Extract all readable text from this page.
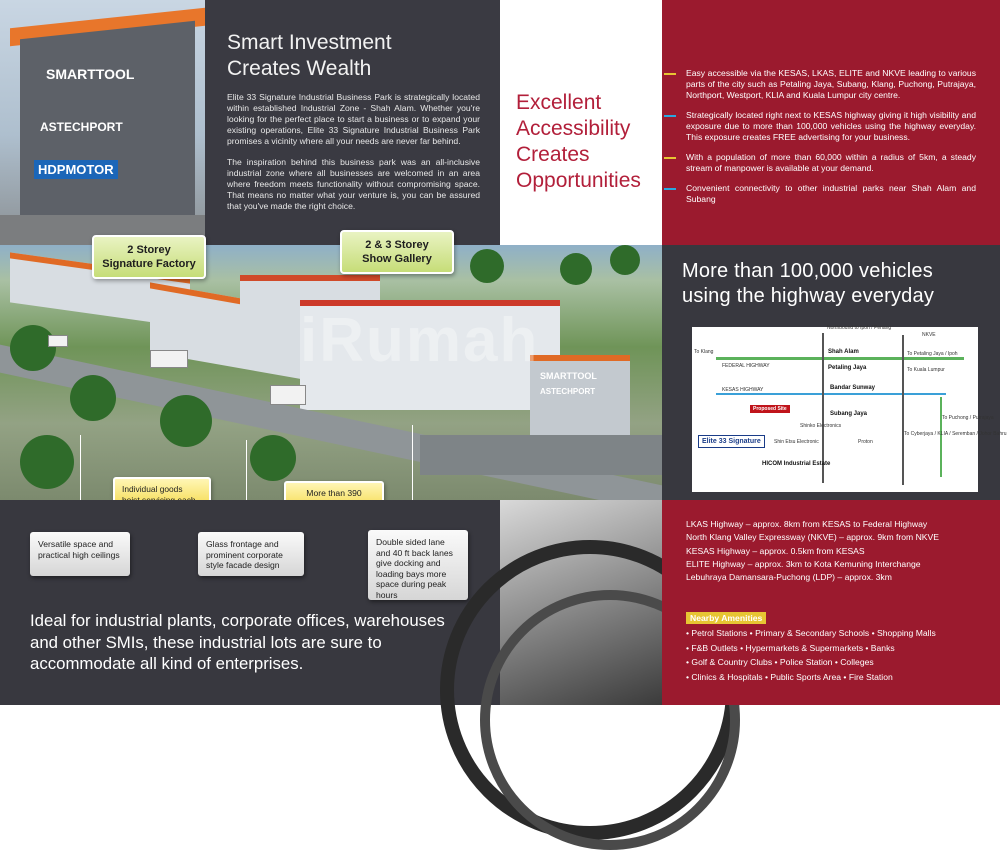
SMARTTOOL
ASTECHPORT
HDPMOTOR
Smart Investment
Creates Wealth

Elite 33 Signature Industrial Business Park is strategically located within established Industrial Zone - Shah Alam. Whether you're looking for the perfect place to start a business or to expand your existing operations, Elite 33 Signature Industrial Business Park promises a vicinity where all your needs are never far behind.

The inspiration behind this business park was an all-inclusive industrial zone where all businesses are welcomed in an area where freedom meets functionality without compromising space. That means no matter what your venture is, you can be assured that you've made the right choice.

Excellent
Accessibility
Creates
Opportunities
Easy accessible via the KESAS, LKAS, ELITE and NKVE leading to various parts of the city such as Petaling Jaya, Subang, Klang, Puchong, Putrajaya, Northport, Westport, KLIA and Kuala Lumpur city centre.
Strategically located right next to KESAS highway giving it high visibility and exposure due to more than 100,000 vehicles using the highway everyday. This exposure creates FREE advertising for your business.
With a population of more than 60,000 within a radius of 5km, a steady stream of manpower is available at your demand.
Convenient connectivity to other industrial parks near Shah Alam and Subang
SMARTTOOL
ASTECHPORT
iRumah
2 Storey Signature Factory
2 & 3 Storey Show Gallery
Individual goods	More than 390
More than 100,000 vehicles
using the highway everyday
Northbound to Ipoh / Penang
NKVE
Shah Alam
Petaling Jaya
To Petaling Jaya / Ipoh
To Kuala Lumpur
To Klang
KESAS HIGHWAY
FEDERAL HIGHWAY
Bandar Sunway
Subang Jaya
Shinko Electronics
Shin Etsu Electronic	Proton
To Cyberjaya / KLIA / Seremban / Johor Bahru
To Puchong / Putrajaya
HICOM Industrial Estate
Proposed Site
Elite 33 Signature
Versatile space and practical high ceilings
Glass frontage and prominent corporate style facade design
Double sided lane and 40 ft back lanes give docking and loading bays more space during peak hours
Ideal for industrial plants, corporate offices, warehouses and other SMIs, these industrial lots are sure to accommodate all kind of enterprises.
LKAS Highway – approx. 8km from KESAS to Federal Highway
North Klang Valley Expressway (NKVE) – approx. 9km from NKVE
KESAS Highway – approx. 0.5km from KESAS
ELITE Highway – approx. 3km to Kota Kemuning Interchange
Lebuhraya Damansara-Puchong (LDP) – approx. 3km
Nearby Amenities
• Petrol Stations • Primary & Secondary Schools • Shopping Malls
• F&B Outlets • Hypermarkets & Supermarkets • Banks
• Golf & Country Clubs • Police Station • Colleges
• Clinics & Hospitals • Public Sports Area • Fire Station
